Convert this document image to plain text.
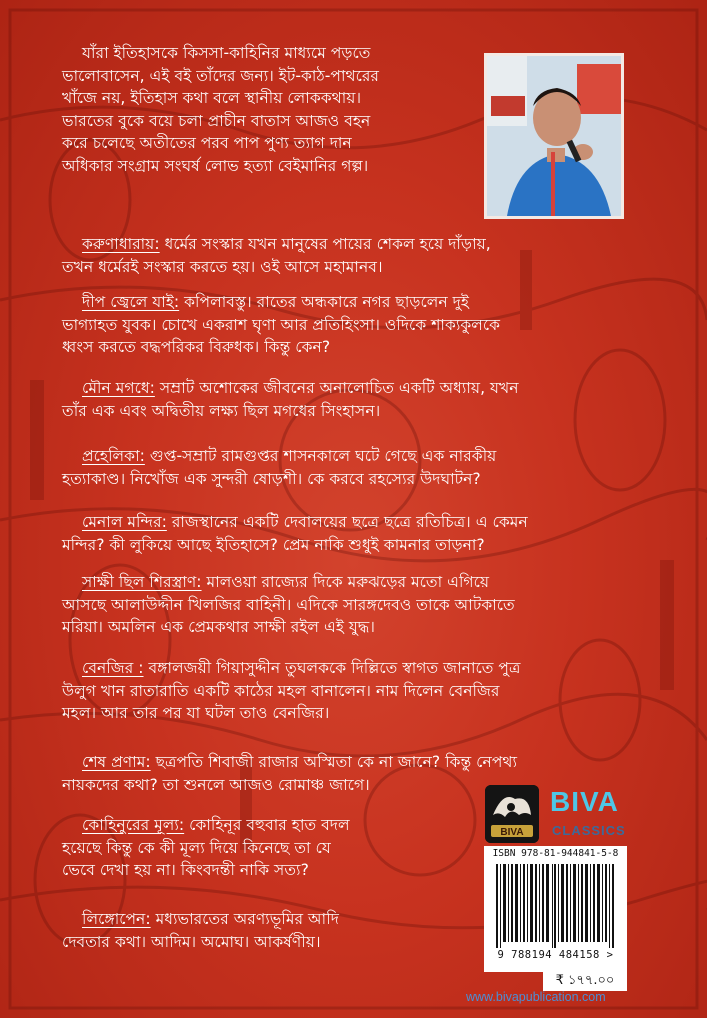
যাঁরা ইতিহাসকে কিসসা-কাহিনির মাধ্যমে পড়তে
ভালোবাসেন, এই বই তাঁদের জন্য। ইট-কাঠ-পাথরের
খাঁজে নয়, ইতিহাস কথা বলে স্থানীয় লোককথায়।
ভারতের বুকে বয়ে চলা প্রাচীন বাতাস আজও বহন
করে চলেছে অতীতের পরব পাপ পুণ্য ত্যাগ দান
অধিকার সংগ্রাম সংঘর্ষ লোভ হত্যা বেইমানির গল্প।
করুণাধারায়: ধর্মের সংস্কার যখন মানুষের পায়ের শেকল হয়ে দাঁড়ায়,
তখন ধর্মেরই সংস্কার করতে হয়। ওই আসে মহামানব।
দীপ জ্বেলে যাই: কপিলাবস্তু। রাতের অন্ধকারে নগর ছাড়লেন দুই
ভাগ্যাহত যুবক। চোখে একরাশ ঘৃণা আর প্রতিহিংসা। ওদিকে শাক্যকুলকে
ধ্বংস করতে বদ্ধপরিকর বিরুধক। কিন্তু কেন?
মৌন মগধে: সম্রাট অশোকের জীবনের অনালোচিত একটি অধ্যায়, যখন
তাঁর এক এবং অদ্বিতীয় লক্ষ্য ছিল মগধের সিংহাসন।
প্রহেলিকা: গুপ্ত-সম্রাট রামগুপ্তর শাসনকালে ঘটে গেছে এক নারকীয়
হত্যাকাণ্ড। নিখোঁজ এক সুন্দরী ষোড়শী। কে করবে রহস্যের উদঘাটন?
মেনাল মন্দির: রাজস্থানের একটি দেবালয়ের ছত্রে ছত্রে রতিচিত্র। এ কেমন
মন্দির? কী লুকিয়ে আছে ইতিহাসে? প্রেম নাকি শুধুই কামনার তাড়না?
সাক্ষী ছিল শিরস্ত্রাণ: মালওয়া রাজ্যের দিকে মরুঝড়ের মতো এগিয়ে
আসছে আলাউদ্দীন খিলজির বাহিনী। এদিকে সারঙ্গদেবও তাকে আটকাতে
মরিয়া। অমলিন এক প্রেমকথার সাক্ষী রইল এই যুদ্ধ।
বেনজির : বঙ্গালজয়ী গিয়াসুদ্দীন তুঘলককে দিল্লিতে স্বাগত জানাতে পুত্র
উলুগ খান রাতারাতি একটি কাঠের মহল বানালেন। নাম দিলেন বেনজির
মহল। আর তার পর যা ঘটল তাও বেনজির।
শেষ প্রণাম: ছত্রপতি শিবাজী রাজার অস্মিতা কে না জানে? কিন্তু নেপথ্য
নায়কদের কথা? তা শুনলে আজও রোমাঞ্চ জাগে।
কোহিনুরের মূল্য: কোহিনূর বহুবার হাত বদল
হয়েছে কিন্তু কে কী মূল্য দিয়ে কিনেছে তা যে
ভেবে দেখা হয় না। কিংবদন্তী নাকি সত্য?
লিঙ্গোপেন: মধ্যভারতের অরণ্যভূমির আদি
দেবতার কথা। আদিম। অমোঘ। আকর্ষণীয়।
BIVA
BIVA
CLASSICS
ISBN 978-81-944841-5-8
9 788194 484158 >
₹ ১৭৭.০০
www.bivapublication.com
